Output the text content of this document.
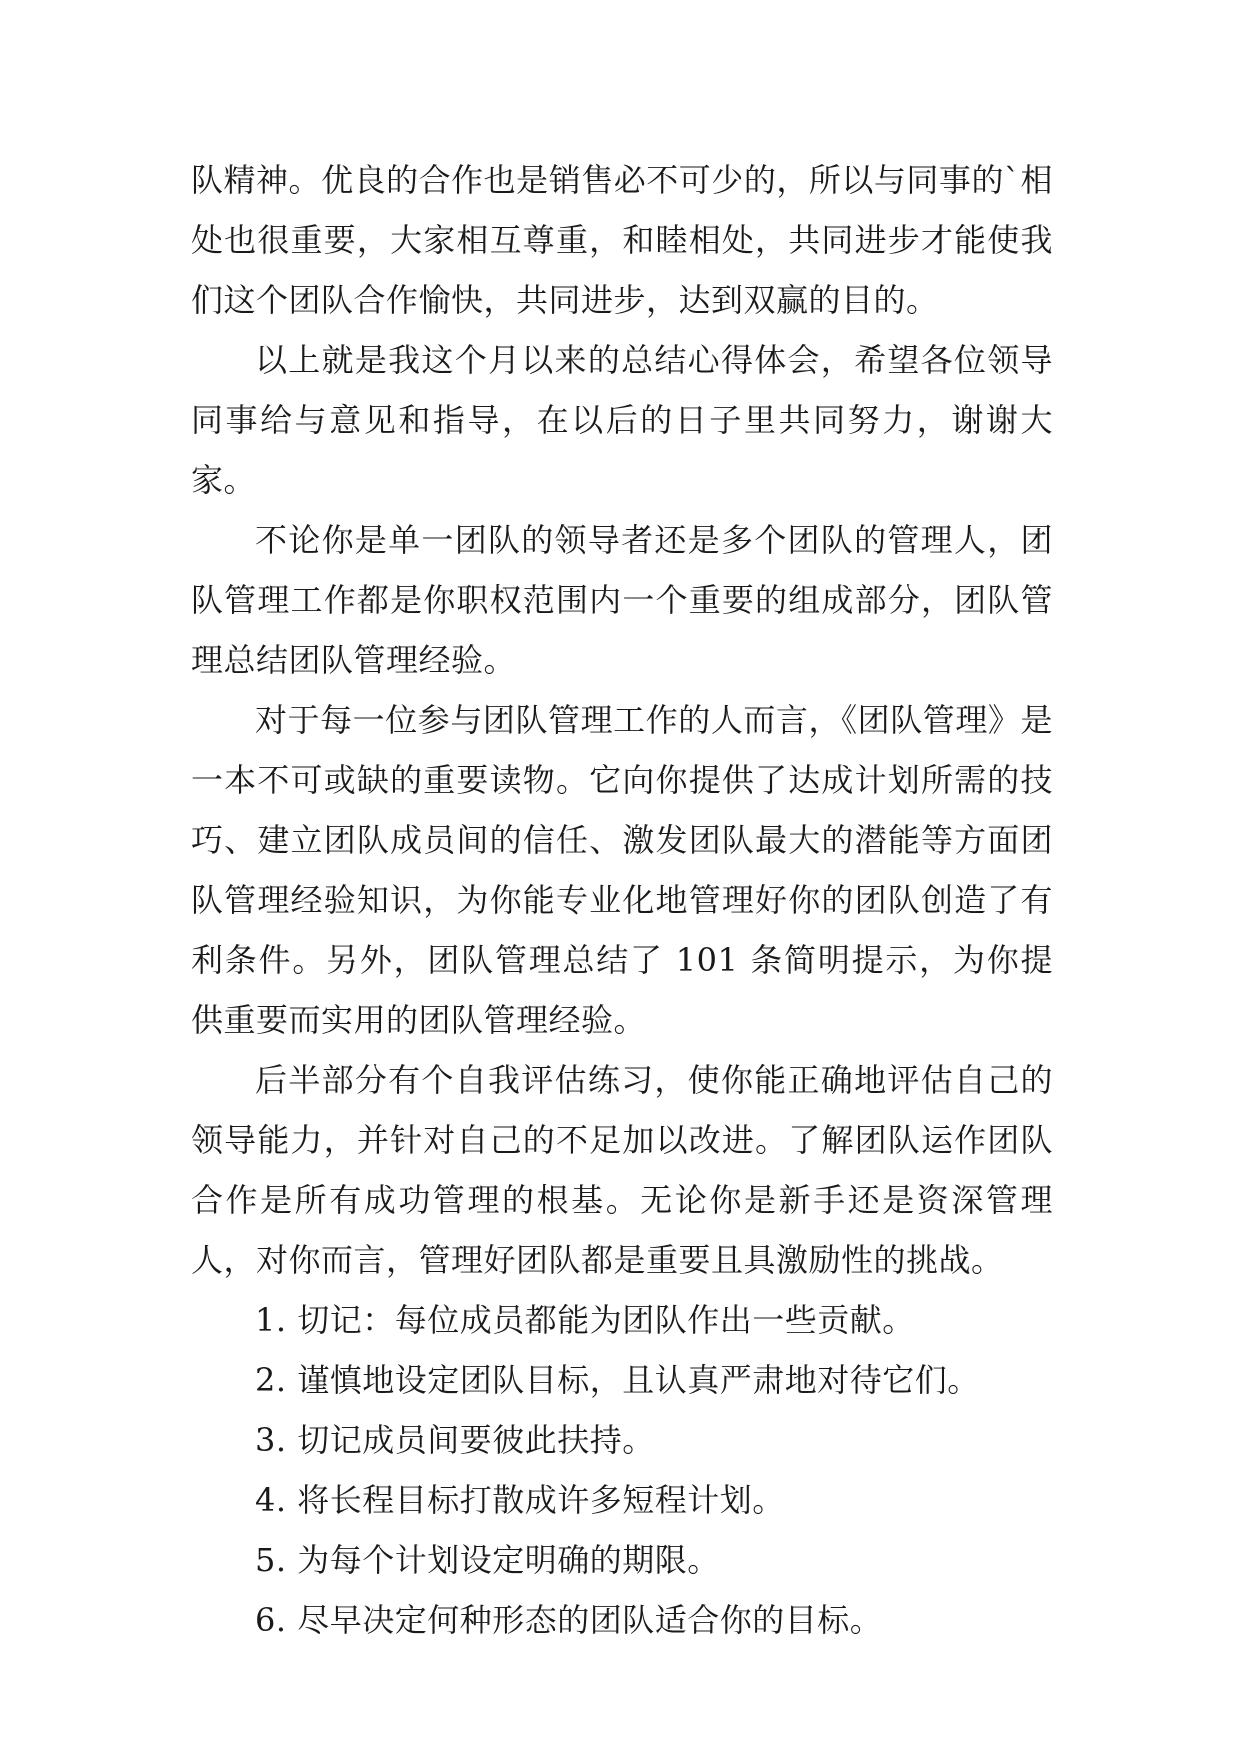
队精神。优良的合作也是销售必不可少的，所以与同事的`相处也很重要，大家相互尊重，和睦相处，共同进步才能使我们这个团队合作愉快，共同进步，达到双赢的目的。

以上就是我这个月以来的总结心得体会，希望各位领导同事给与意见和指导，在以后的日子里共同努力，谢谢大家。

不论你是单一团队的领导者还是多个团队的管理人，团队管理工作都是你职权范围内一个重要的组成部分，团队管理总结团队管理经验。

对于每一位参与团队管理工作的人而言，《团队管理》是一本不可或缺的重要读物。它向你提供了达成计划所需的技巧、建立团队成员间的信任、激发团队最大的潜能等方面团队管理经验知识，为你能专业化地管理好你的团队创造了有利条件。另外，团队管理总结了 101 条简明提示，为你提供重要而实用的团队管理经验。

后半部分有个自我评估练习，使你能正确地评估自己的领导能力，并针对自己的不足加以改进。了解团队运作团队合作是所有成功管理的根基。无论你是新手还是资深管理人，对你而言，管理好团队都是重要且具激励性的挑战。

1. 切记：每位成员都能为团队作出一些贡献。

2. 谨慎地设定团队目标，且认真严肃地对待它们。

3. 切记成员间要彼此扶持。

4. 将长程目标打散成许多短程计划。

5. 为每个计划设定明确的期限。

6. 尽早决定何种形态的团队适合你的目标。
